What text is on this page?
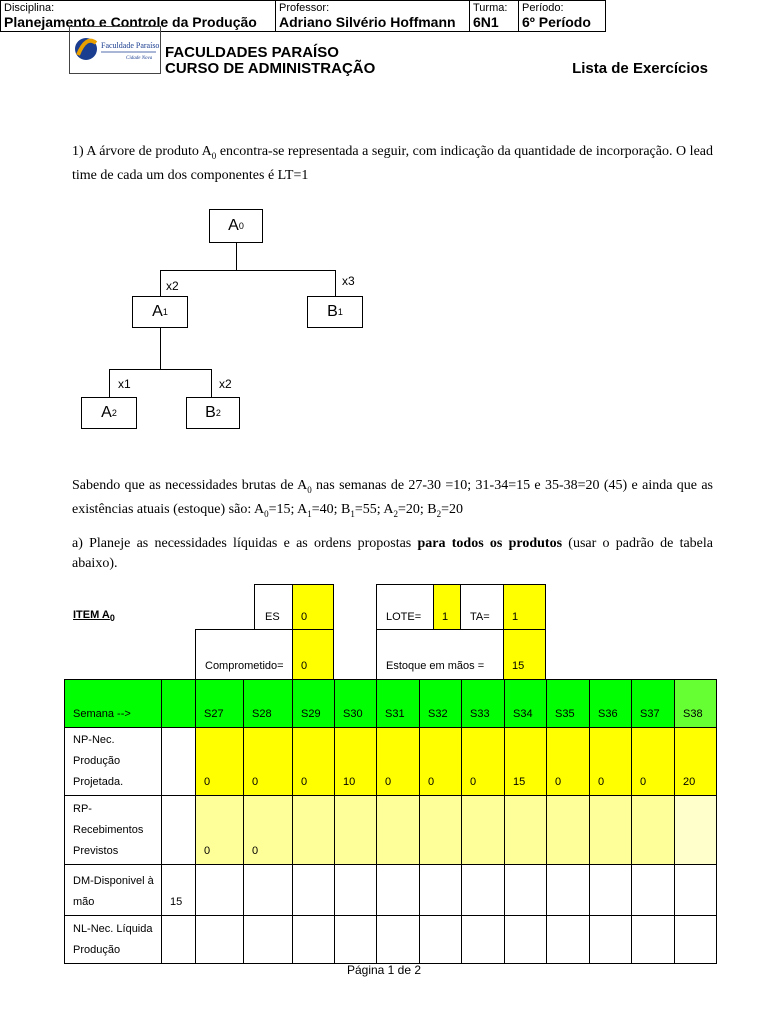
Faculdade Paraíso
Cidade Nova FACULDADES PARAÍSO
CURSO DE ADMINISTRAÇÃO	Lista de Exercícios
Disciplina:
Planejamento e Controle da Produção

Professor:
Adriano Silvério Hoffmann

Turma:
6N1

Período:
6º Período
1) A árvore de produto $A_0$ encontra-se representada a seguir, com indicação da quantidade de incorporação. O lead time de cada um dos componentes é LT=1
A 0
x2	x3
A 1	B 1
x1	x2
A 2	B 2
Sabendo que as necessidades brutas de $A_0$ nas semanas de 27-30 =10; 31-34=15 e 35-38=20 (45) e ainda que as existências atuais (estoque) são: $A_0=15$; $A_1=40$; $B_1=55$; $A_2=20$; $B_2=20$
a) Planeje as necessidades líquidas e as ordens propostas para todos os produtos (usar o padrão de tabela abaixo).
ITEM $A_0$	ES 0	LOTE= 1 TA= 1
Comprometido= 0	Estoque em mãos =	15
Semana -->		S27	S28	S29	S30	S31	S32	S33	S34	S35	S36	S37	S38
NP-Nec. Produção Projetada.		0	0	0	10	0	0	0	15	0	0	0	20
RP- Recebimentos Previstos		0	0										
DM-Disponivel à mão	15												
NL-Nec. Líquida Produção													
Página 1 de 2
